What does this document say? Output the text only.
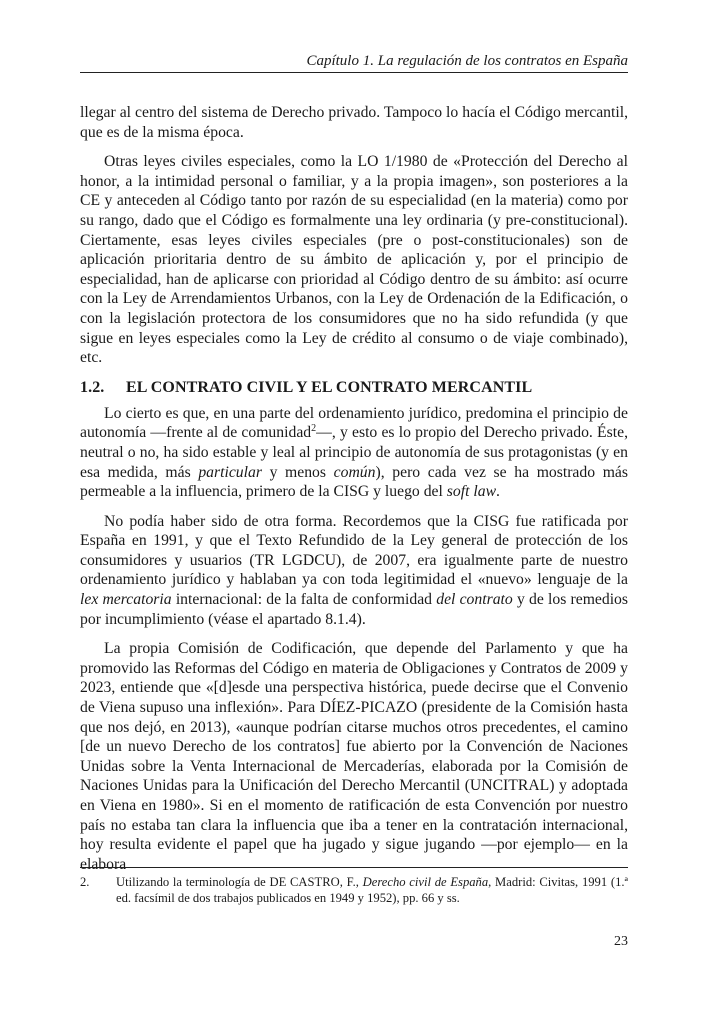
Capítulo 1. La regulación de los contratos en España

llegar al centro del sistema de Derecho privado. Tampoco lo hacía el Código mercantil, que es de la misma época.

Otras leyes civiles especiales, como la LO 1/1980 de «Protección del Derecho al honor, a la intimidad personal o familiar, y a la propia imagen», son posteriores a la CE y anteceden al Código tanto por razón de su especialidad (en la materia) como por su rango, dado que el Código es formalmente una ley ordinaria (y pre-constitucional). Ciertamente, esas leyes civiles especiales (pre o post-constitucionales) son de aplicación prioritaria dentro de su ámbito de aplicación y, por el principio de especialidad, han de aplicarse con prioridad al Código dentro de su ámbito: así ocurre con la Ley de Arrendamientos Urbanos, con la Ley de Ordenación de la Edificación, o con la legislación protectora de los consumidores que no ha sido refundida (y que sigue en leyes especiales como la Ley de crédito al consumo o de viaje combinado), etc.

1.2. EL CONTRATO CIVIL Y EL CONTRATO MERCANTIL

Lo cierto es que, en una parte del ordenamiento jurídico, predomina el principio de autonomía —frente al de comunidad$^2$—, y esto es lo propio del Derecho privado. Éste, neutral o no, ha sido estable y leal al principio de autonomía de sus protagonistas (y en esa medida, más particular y menos común), pero cada vez se ha mostrado más permeable a la influencia, primero de la CISG y luego del soft law.

No podía haber sido de otra forma. Recordemos que la CISG fue ratificada por España en 1991, y que el Texto Refundido de la Ley general de protección de los consumidores y usuarios (TR LGDCU), de 2007, era igualmente parte de nuestro ordenamiento jurídico y hablaban ya con toda legitimidad el «nuevo» lenguaje de la lex mercatoria internacional: de la falta de conformidad del contrato y de los remedios por incumplimiento (véase el apartado 8.1.4).

La propia Comisión de Codificación, que depende del Parlamento y que ha promovido las Reformas del Código en materia de Obligaciones y Contratos de 2009 y 2023, entiende que «[d]esde una perspectiva histórica, puede decirse que el Convenio de Viena supuso una inflexión». Para DÍEZ-PICAZO (presidente de la Comisión hasta que nos dejó, en 2013), «aunque podrían citarse muchos otros precedentes, el camino [de un nuevo Derecho de los contratos] fue abierto por la Convención de Naciones Unidas sobre la Venta Internacional de Mercaderías, elaborada por la Comisión de Naciones Unidas para la Unificación del Derecho Mercantil (UNCITRAL) y adoptada en Viena en 1980». Si en el momento de ratificación de esta Convención por nuestro país no estaba tan clara la influencia que iba a tener en la contratación internacional, hoy resulta evidente el papel que ha jugado y sigue jugando —por ejemplo— en la elabora

2. Utilizando la terminología de DE CASTRO, F., Derecho civil de España, Madrid: Civitas, 1991 (1.ª ed. facsímil de dos trabajos publicados en 1949 y 1952), pp. 66 y ss.
23
